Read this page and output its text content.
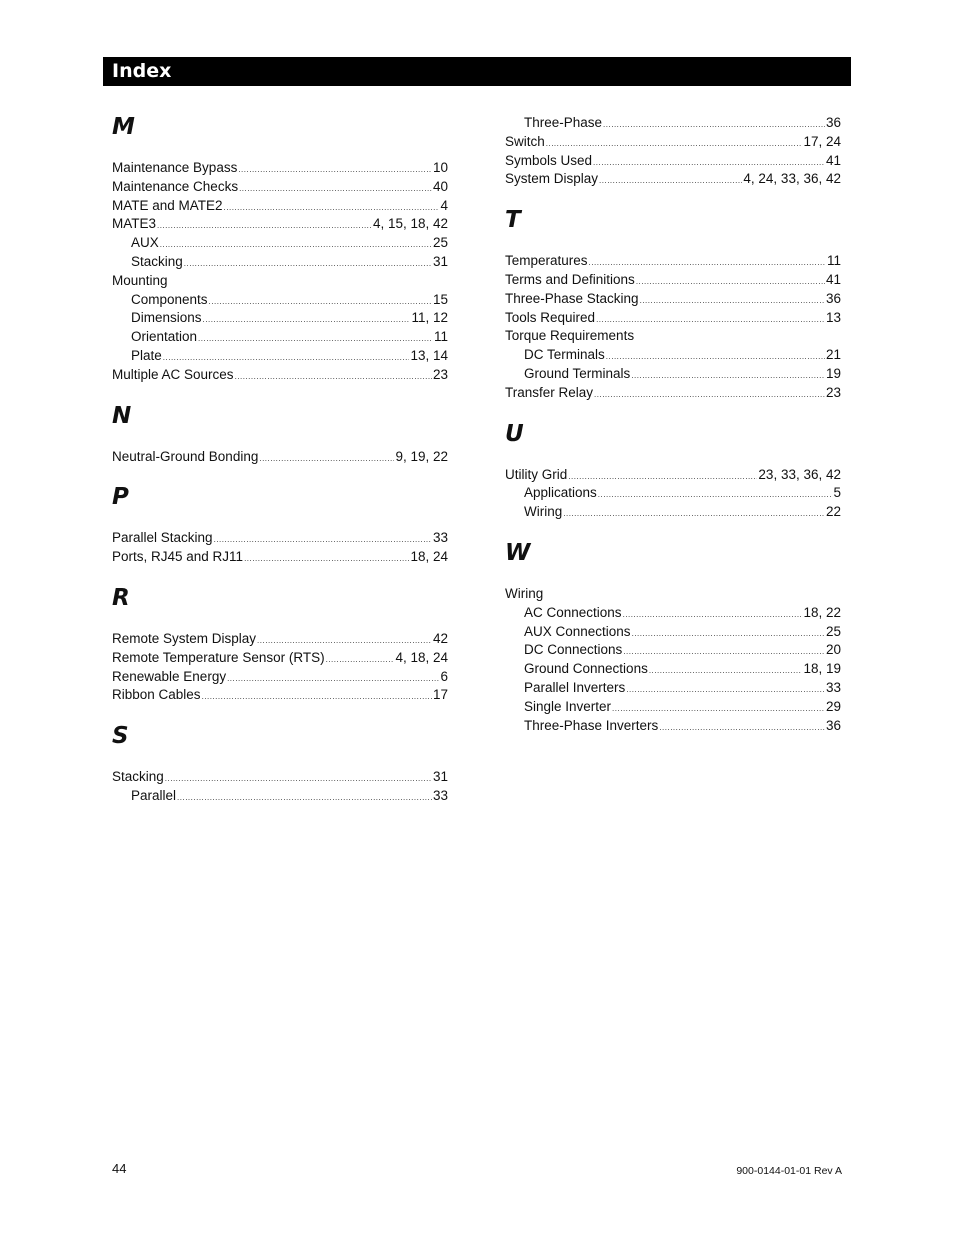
Index
M
Maintenance Bypass .....	10
Maintenance Checks .....	40
MATE and MATE2 .....	4
MATE3 .....	4, 15, 18, 42
AUX .....	25
Stacking .....	31
Mounting
Components .....	15
Dimensions .....	11, 12
Orientation .....	11
Plate .....	13, 14
Multiple AC Sources .....	23
N
Neutral-Ground Bonding .....	9, 19, 22
P
Parallel Stacking .....	33
Ports, RJ45 and RJ11 .....	18, 24
R
Remote System Display .....	42
Remote Temperature Sensor (RTS) .....	4, 18, 24
Renewable Energy .....	6
Ribbon Cables .....	17
S
Stacking .....	31
Parallel .....	33
Three-Phase .....	36
Switch .....	17, 24
Symbols Used .....	41
System Display .....	4, 24, 33, 36, 42
T
Temperatures .....	11
Terms and Definitions .....	41
Three-Phase Stacking .....	36
Tools Required .....	13
Torque Requirements
DC Terminals .....	21
Ground Terminals .....	19
Transfer Relay .....	23
U
Utility Grid .....	23, 33, 36, 42
Applications .....	5
Wiring .....	22
W
Wiring
AC Connections .....	18, 22
AUX Connections .....	25
DC Connections .....	20
Ground Connections .....	18, 19
Parallel Inverters .....	33
Single Inverter .....	29
Three-Phase Inverters .....	36
44	900-0144-01-01 Rev A
